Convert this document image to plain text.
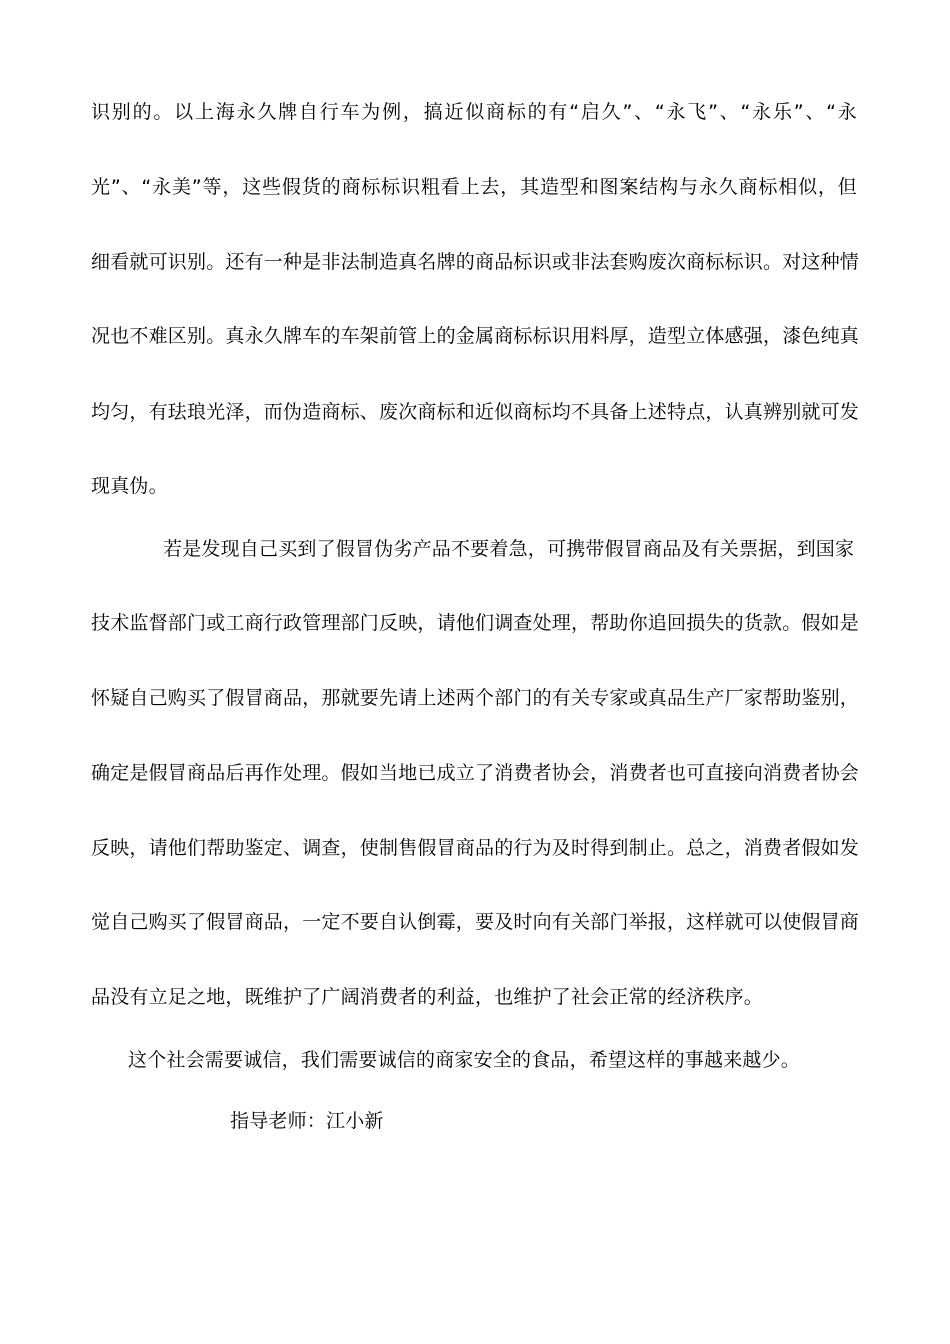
识别的。以上海永久牌自行车为例，搞近似商标的有“启久”、“永飞”、“永乐”、“永
光”、“永美”等，这些假货的商标标识粗看上去，其造型和图案结构与永久商标相似，但
细看就可识别。还有一种是非法制造真名牌的商品标识或非法套购废次商标标识。对这种情
况也不难区别。真永久牌车的车架前管上的金属商标标识用料厚，造型立体感强，漆色纯真
均匀，有珐琅光泽，而伪造商标、废次商标和近似商标均不具备上述特点，认真辨别就可发
现真伪。
若是发现自己买到了假冒伪劣产品不要着急，可携带假冒商品及有关票据，到国家
技术监督部门或工商行政管理部门反映，请他们调查处理，帮助你追回损失的货款。假如是
怀疑自己购买了假冒商品，那就要先请上述两个部门的有关专家或真品生产厂家帮助鉴别，
确定是假冒商品后再作处理。假如当地已成立了消费者协会，消费者也可直接向消费者协会
反映，请他们帮助鉴定、调查，使制售假冒商品的行为及时得到制止。总之，消费者假如发
觉自己购买了假冒商品，一定不要自认倒霉，要及时向有关部门举报，这样就可以使假冒商
品没有立足之地，既维护了广阔消费者的利益，也维护了社会正常的经济秩序。
这个社会需要诚信，我们需要诚信的商家安全的食品，希望这样的事越来越少。
指导老师：江小新
